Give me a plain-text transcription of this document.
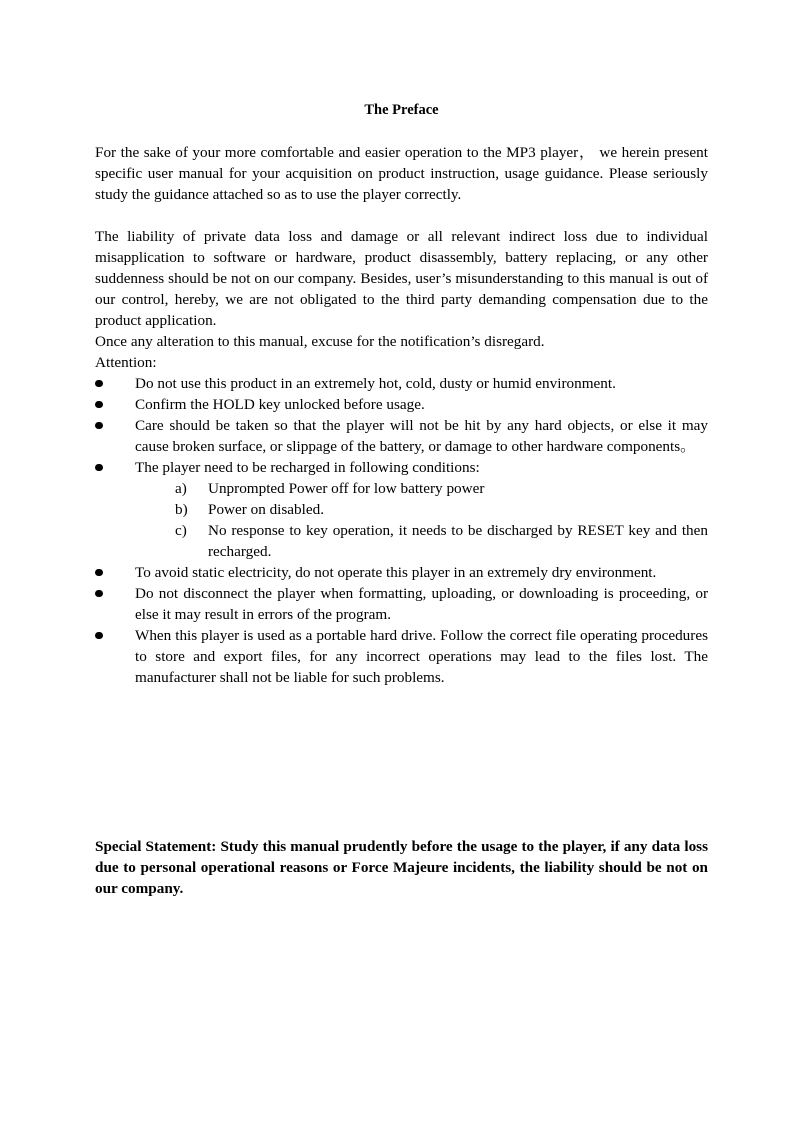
The Preface

For the sake of your more comfortable and easier operation to the MP3 player， we herein present specific user manual for your acquisition on product instruction, usage guidance. Please seriously study the guidance attached so as to use the player correctly.

The liability of private data loss and damage or all relevant indirect loss due to individual misapplication to software or hardware, product disassembly, battery replacing, or any other suddenness should be not on our company. Besides, user’s misunderstanding to this manual is out of our control, hereby, we are not obligated to the third party demanding compensation due to the product application.

Once any alteration to this manual, excuse for the notification’s disregard.

Attention:

Do not use this product in an extremely hot, cold, dusty or humid environment.
Confirm the HOLD key unlocked before usage.
Care should be taken so that the player will not be hit by any hard objects, or else it may cause broken surface, or slippage of the battery, or damage to other hardware components。
The player need to be recharged in following conditions:
a) Unprompted Power off for low battery power
b) Power on disabled.
c) No response to key operation, it needs to be discharged by RESET key and then recharged.
To avoid static electricity, do not operate this player in an extremely dry environment.
Do not disconnect the player when formatting, uploading, or downloading is proceeding, or else it may result in errors of the program.
When this player is used as a portable hard drive. Follow the correct file operating procedures to store and export files, for any incorrect operations may lead to the files lost. The manufacturer shall not be liable for such problems.

Special Statement: Study this manual prudently before the usage to the player, if any data loss due to personal operational reasons or Force Majeure incidents, the liability should be not on our company.
